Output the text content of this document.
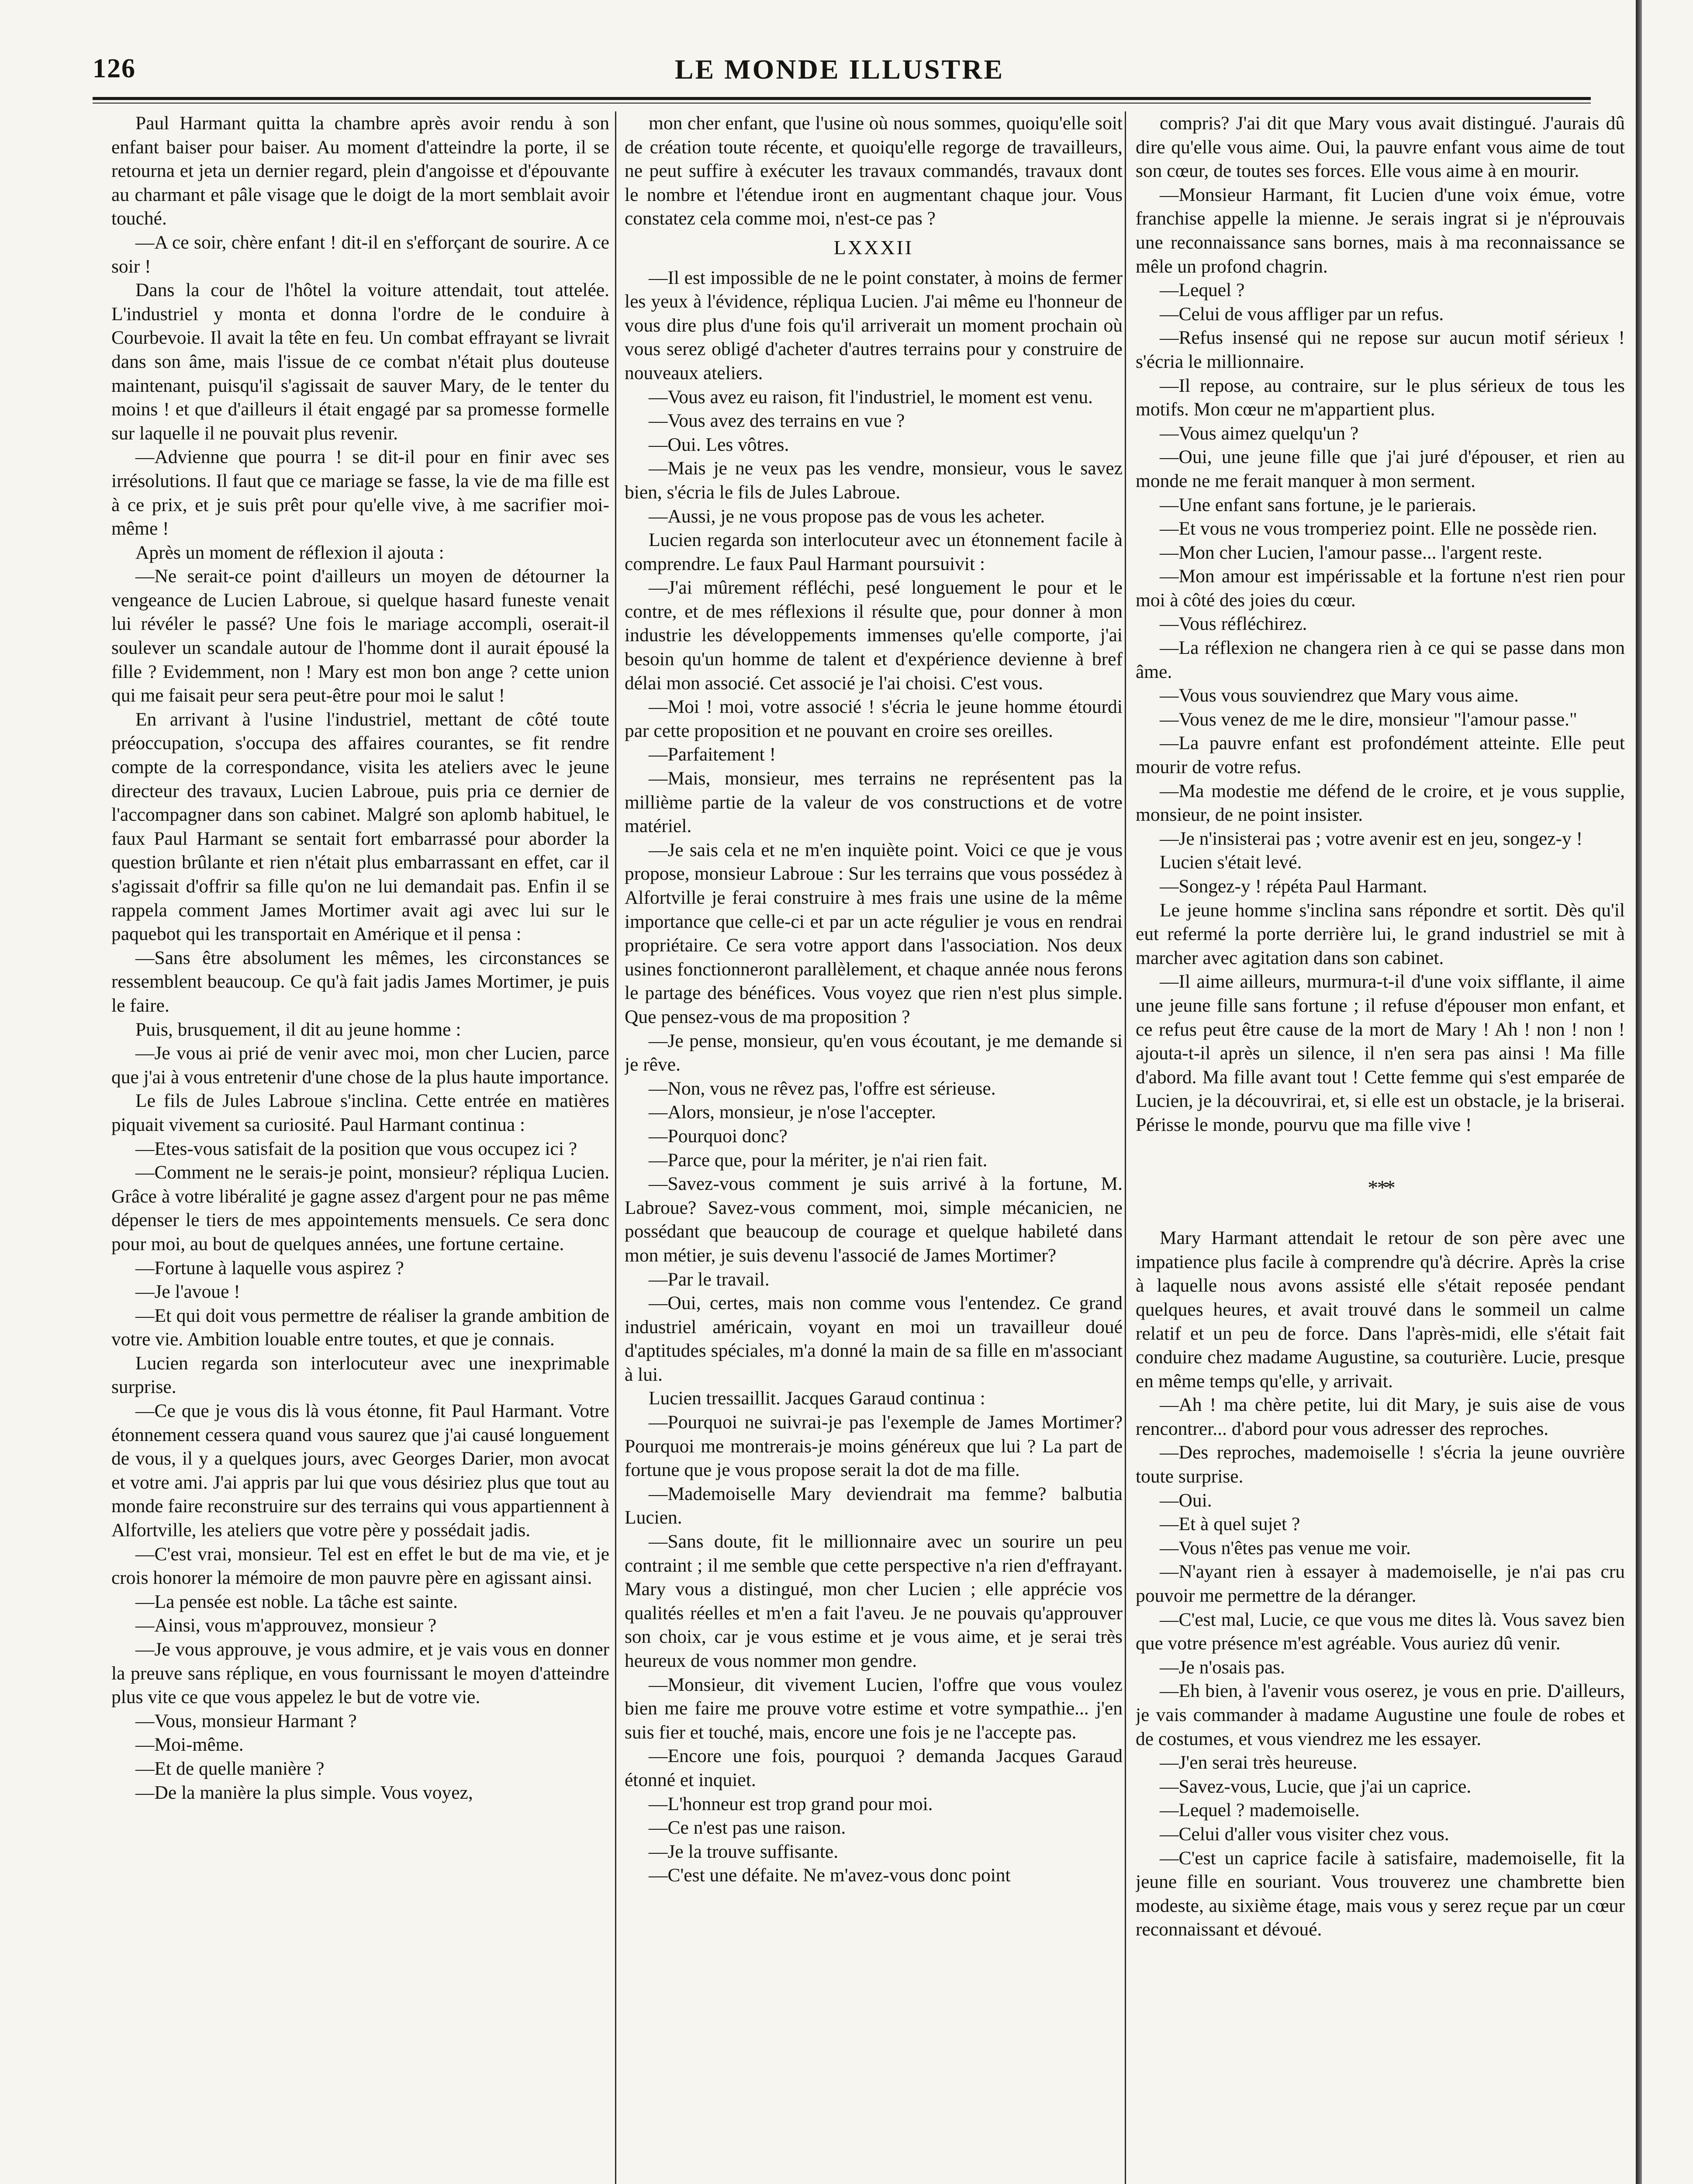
126	LE MONDE ILLUSTRE

Paul Harmant quitta la chambre après avoir rendu à son enfant baiser pour baiser. Au moment d'atteindre la porte, il se retourna et jeta un dernier regard, plein d'angoisse et d'épouvante au charmant et pâle visage que le doigt de la mort semblait avoir touché.

—A ce soir, chère enfant ! dit-il en s'efforçant de sourire. A ce soir !

Dans la cour de l'hôtel la voiture attendait, tout attelée. L'industriel y monta et donna l'ordre de le conduire à Courbevoie. Il avait la tête en feu. Un combat effrayant se livrait dans son âme, mais l'issue de ce combat n'était plus douteuse maintenant, puisqu'il s'agissait de sauver Mary, de le tenter du moins ! et que d'ailleurs il était engagé par sa promesse formelle sur laquelle il ne pouvait plus revenir.

—Advienne que pourra ! se dit-il pour en finir avec ses irrésolutions. Il faut que ce mariage se fasse, la vie de ma fille est à ce prix, et je suis prêt pour qu'elle vive, à me sacrifier moi-même !

Après un moment de réflexion il ajouta :

—Ne serait-ce point d'ailleurs un moyen de détourner la vengeance de Lucien Labroue, si quelque hasard funeste venait lui révéler le passé? Une fois le mariage accompli, oserait-il soulever un scandale autour de l'homme dont il aurait épousé la fille ? Evidemment, non ! Mary est mon bon ange ? cette union qui me faisait peur sera peut-être pour moi le salut !

En arrivant à l'usine l'industriel, mettant de côté toute préoccupation, s'occupa des affaires courantes, se fit rendre compte de la correspondance, visita les ateliers avec le jeune directeur des travaux, Lucien Labroue, puis pria ce dernier de l'accompagner dans son cabinet. Malgré son aplomb habituel, le faux Paul Harmant se sentait fort embarrassé pour aborder la question brûlante et rien n'était plus embarrassant en effet, car il s'agissait d'offrir sa fille qu'on ne lui demandait pas. Enfin il se rappela comment James Mortimer avait agi avec lui sur le paquebot qui les transportait en Amérique et il pensa :

—Sans être absolument les mêmes, les circonstances se ressemblent beaucoup. Ce qu'à fait jadis James Mortimer, je puis le faire.

Puis, brusquement, il dit au jeune homme :

—Je vous ai prié de venir avec moi, mon cher Lucien, parce que j'ai à vous entretenir d'une chose de la plus haute importance.

Le fils de Jules Labroue s'inclina. Cette entrée en matières piquait vivement sa curiosité. Paul Harmant continua :

—Etes-vous satisfait de la position que vous occupez ici ?

—Comment ne le serais-je point, monsieur? répliqua Lucien. Grâce à votre libéralité je gagne assez d'argent pour ne pas même dépenser le tiers de mes appointements mensuels. Ce sera donc pour moi, au bout de quelques années, une fortune certaine.

—Fortune à laquelle vous aspirez ?

—Je l'avoue !

—Et qui doit vous permettre de réaliser la grande ambition de votre vie. Ambition louable entre toutes, et que je connais.

Lucien regarda son interlocuteur avec une inexprimable surprise.

—Ce que je vous dis là vous étonne, fit Paul Harmant. Votre étonnement cessera quand vous saurez que j'ai causé longuement de vous, il y a quelques jours, avec Georges Darier, mon avocat et votre ami. J'ai appris par lui que vous désiriez plus que tout au monde faire reconstruire sur des terrains qui vous appartiennent à Alfortville, les ateliers que votre père y possédait jadis.

—C'est vrai, monsieur. Tel est en effet le but de ma vie, et je crois honorer la mémoire de mon pauvre père en agissant ainsi.

—La pensée est noble. La tâche est sainte.

—Ainsi, vous m'approuvez, monsieur ?

—Je vous approuve, je vous admire, et je vais vous en donner la preuve sans réplique, en vous fournissant le moyen d'atteindre plus vite ce que vous appelez le but de votre vie.

—Vous, monsieur Harmant ?

—Moi-même.

—Et de quelle manière ?

—De la manière la plus simple. Vous voyez,

mon cher enfant, que l'usine où nous sommes, quoiqu'elle soit de création toute récente, et quoiqu'elle regorge de travailleurs, ne peut suffire à exécuter les travaux commandés, travaux dont le nombre et l'étendue iront en augmentant chaque jour. Vous constatez cela comme moi, n'est-ce pas ?

LXXXII

—Il est impossible de ne le point constater, à moins de fermer les yeux à l'évidence, répliqua Lucien. J'ai même eu l'honneur de vous dire plus d'une fois qu'il arriverait un moment prochain où vous serez obligé d'acheter d'autres terrains pour y construire de nouveaux ateliers.

—Vous avez eu raison, fit l'industriel, le moment est venu.

—Vous avez des terrains en vue ?

—Oui. Les vôtres.

—Mais je ne veux pas les vendre, monsieur, vous le savez bien, s'écria le fils de Jules Labroue.

—Aussi, je ne vous propose pas de vous les acheter.

Lucien regarda son interlocuteur avec un étonnement facile à comprendre. Le faux Paul Harmant poursuivit :

—J'ai mûrement réfléchi, pesé longuement le pour et le contre, et de mes réflexions il résulte que, pour donner à mon industrie les développements immenses qu'elle comporte, j'ai besoin qu'un homme de talent et d'expérience devienne à bref délai mon associé. Cet associé je l'ai choisi. C'est vous.

—Moi ! moi, votre associé ! s'écria le jeune homme étourdi par cette proposition et ne pouvant en croire ses oreilles.

—Parfaitement !

—Mais, monsieur, mes terrains ne représentent pas la millième partie de la valeur de vos constructions et de votre matériel.

—Je sais cela et ne m'en inquiète point. Voici ce que je vous propose, monsieur Labroue : Sur les terrains que vous possédez à Alfortville je ferai construire à mes frais une usine de la même importance que celle-ci et par un acte régulier je vous en rendrai propriétaire. Ce sera votre apport dans l'association. Nos deux usines fonctionneront parallèlement, et chaque année nous ferons le partage des bénéfices. Vous voyez que rien n'est plus simple. Que pensez-vous de ma proposition ?

—Je pense, monsieur, qu'en vous écoutant, je me demande si je rêve.

—Non, vous ne rêvez pas, l'offre est sérieuse.

—Alors, monsieur, je n'ose l'accepter.

—Pourquoi donc?

—Parce que, pour la mériter, je n'ai rien fait.

—Savez-vous comment je suis arrivé à la fortune, M. Labroue? Savez-vous comment, moi, simple mécanicien, ne possédant que beaucoup de courage et quelque habileté dans mon métier, je suis devenu l'associé de James Mortimer?

—Par le travail.

—Oui, certes, mais non comme vous l'entendez. Ce grand industriel américain, voyant en moi un travailleur doué d'aptitudes spéciales, m'a donné la main de sa fille en m'associant à lui.

Lucien tressaillit. Jacques Garaud continua :

—Pourquoi ne suivrai-je pas l'exemple de James Mortimer? Pourquoi me montrerais-je moins généreux que lui ? La part de fortune que je vous propose serait la dot de ma fille.

—Mademoiselle Mary deviendrait ma femme? balbutia Lucien.

—Sans doute, fit le millionnaire avec un sourire un peu contraint ; il me semble que cette perspective n'a rien d'effrayant. Mary vous a distingué, mon cher Lucien ; elle apprécie vos qualités réelles et m'en a fait l'aveu. Je ne pouvais qu'approuver son choix, car je vous estime et je vous aime, et je serai très heureux de vous nommer mon gendre.

—Monsieur, dit vivement Lucien, l'offre que vous voulez bien me faire me prouve votre estime et votre sympathie... j'en suis fier et touché, mais, encore une fois je ne l'accepte pas.

—Encore une fois, pourquoi ? demanda Jacques Garaud étonné et inquiet.

—L'honneur est trop grand pour moi.

—Ce n'est pas une raison.

—Je la trouve suffisante.

—C'est une défaite. Ne m'avez-vous donc point

compris? J'ai dit que Mary vous avait distingué. J'aurais dû dire qu'elle vous aime. Oui, la pauvre enfant vous aime de tout son cœur, de toutes ses forces. Elle vous aime à en mourir.

—Monsieur Harmant, fit Lucien d'une voix émue, votre franchise appelle la mienne. Je serais ingrat si je n'éprouvais une reconnaissance sans bornes, mais à ma reconnaissance se mêle un profond chagrin.

—Lequel ?

—Celui de vous affliger par un refus.

—Refus insensé qui ne repose sur aucun motif sérieux ! s'écria le millionnaire.

—Il repose, au contraire, sur le plus sérieux de tous les motifs. Mon cœur ne m'appartient plus.

—Vous aimez quelqu'un ?

—Oui, une jeune fille que j'ai juré d'épouser, et rien au monde ne me ferait manquer à mon serment.

—Une enfant sans fortune, je le parierais.

—Et vous ne vous tromperiez point. Elle ne possède rien.

—Mon cher Lucien, l'amour passe... l'argent reste.

—Mon amour est impérissable et la fortune n'est rien pour moi à côté des joies du cœur.

—Vous réfléchirez.

—La réflexion ne changera rien à ce qui se passe dans mon âme.

—Vous vous souviendrez que Mary vous aime.

—Vous venez de me le dire, monsieur "l'amour passe."

—La pauvre enfant est profondément atteinte. Elle peut mourir de votre refus.

—Ma modestie me défend de le croire, et je vous supplie, monsieur, de ne point insister.

—Je n'insisterai pas ; votre avenir est en jeu, songez-y !

Lucien s'était levé.

—Songez-y ! répéta Paul Harmant.

Le jeune homme s'inclina sans répondre et sortit. Dès qu'il eut refermé la porte derrière lui, le grand industriel se mit à marcher avec agitation dans son cabinet.

—Il aime ailleurs, murmura-t-il d'une voix sifflante, il aime une jeune fille sans fortune ; il refuse d'épouser mon enfant, et ce refus peut être cause de la mort de Mary ! Ah ! non ! non ! ajouta-t-il après un silence, il n'en sera pas ainsi ! Ma fille d'abord. Ma fille avant tout ! Cette femme qui s'est emparée de Lucien, je la découvrirai, et, si elle est un obstacle, je la briserai. Périsse le monde, pourvu que ma fille vive !

* **

Mary Harmant attendait le retour de son père avec une impatience plus facile à comprendre qu'à décrire. Après la crise à laquelle nous avons assisté elle s'était reposée pendant quelques heures, et avait trouvé dans le sommeil un calme relatif et un peu de force. Dans l'après-midi, elle s'était fait conduire chez madame Augustine, sa couturière. Lucie, presque en même temps qu'elle, y arrivait.

—Ah ! ma chère petite, lui dit Mary, je suis aise de vous rencontrer... d'abord pour vous adresser des reproches.

—Des reproches, mademoiselle ! s'écria la jeune ouvrière toute surprise.

—Oui.

—Et à quel sujet ?

—Vous n'êtes pas venue me voir.

—N'ayant rien à essayer à mademoiselle, je n'ai pas cru pouvoir me permettre de la déranger.

—C'est mal, Lucie, ce que vous me dites là. Vous savez bien que votre présence m'est agréable. Vous auriez dû venir.

—Je n'osais pas.

—Eh bien, à l'avenir vous oserez, je vous en prie. D'ailleurs, je vais commander à madame Augustine une foule de robes et de costumes, et vous viendrez me les essayer.

—J'en serai très heureuse.

—Savez-vous, Lucie, que j'ai un caprice.

—Lequel ? mademoiselle.

—Celui d'aller vous visiter chez vous.

—C'est un caprice facile à satisfaire, mademoiselle, fit la jeune fille en souriant. Vous trouverez une chambrette bien modeste, au sixième étage, mais vous y serez reçue par un cœur reconnaissant et dévoué.
